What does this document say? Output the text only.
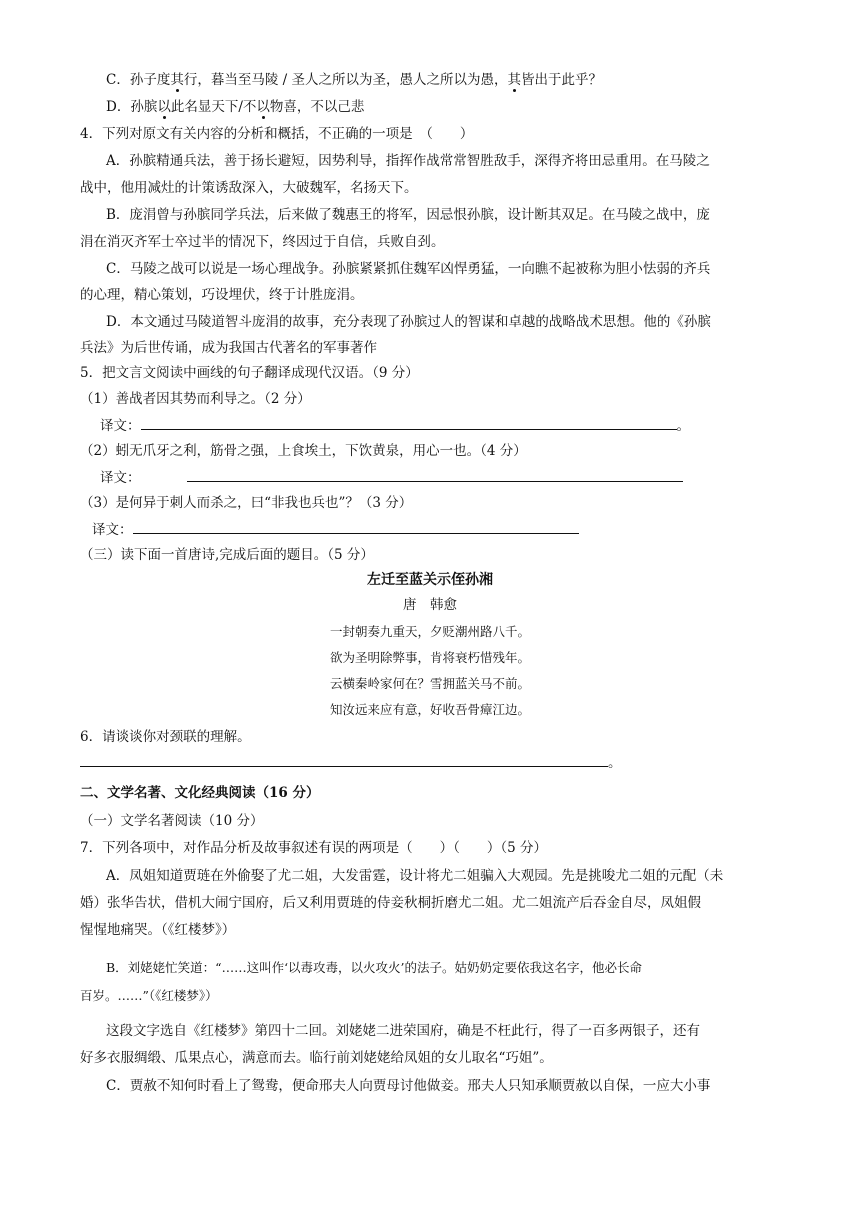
C．孙子度其行，暮当至马陵 / 圣人之所以为圣，愚人之所以为愚，其皆出于此乎？
D．孙膑以此名显天下/不以物喜，不以己悲
4．下列对原文有关内容的分析和概括，不正确的一项是　（　　）
A．孙膑精通兵法，善于扬长避短，因势利导，指挥作战常常智胜敌手，深得齐将田忌重用。在马陵之
战中，他用减灶的计策诱敌深入，大破魏军，名扬天下。
B．庞涓曾与孙膑同学兵法，后来做了魏惠王的将军，因忌恨孙膑，设计断其双足。在马陵之战中，庞
涓在消灭齐军士卒过半的情况下，终因过于自信，兵败自刭。
C．马陵之战可以说是一场心理战争。孙膑紧紧抓住魏军凶悍勇猛，一向瞧不起被称为胆小怯弱的齐兵
的心理，精心策划，巧设埋伏，终于计胜庞涓。
D．本文通过马陵道智斗庞涓的故事，充分表现了孙膑过人的智谋和卓越的战略战术思想。他的《孙膑
兵法》为后世传诵，成为我国古代著名的军事著作
5．把文言文阅读中画线的句子翻译成现代汉语。（9 分）
（1）善战者因其势而利导之。（2 分）
译文：	。
（2）蚓无爪牙之利，筋骨之强，上食埃土，下饮黄泉，用心一也。（4 分）
译文：
（3）是何异于刺人而杀之，曰“非我也兵也”？（3 分）
译文：
（三）读下面一首唐诗,完成后面的题目。（5 分）
左迁至蓝关示侄孙湘
唐　韩愈
一封朝奏九重天，夕贬潮州路八千。
欲为圣明除弊事，肯将衰朽惜残年。
云横秦岭家何在？雪拥蓝关马不前。
知汝远来应有意，好收吾骨瘴江边。
6．请谈谈你对颈联的理解。
。
二、文学名著、文化经典阅读（16 分）
（一）文学名著阅读（10 分）
7．下列各项中，对作品分析及故事叙述有误的两项是（　　）（　　）（5 分）
A．凤姐知道贾琏在外偷娶了尤二姐，大发雷霆，设计将尤二姐骗入大观园。先是挑唆尤二姐的元配（未
婚）张华告状，借机大闹宁国府，后又利用贾琏的侍妾秋桐折磨尤二姐。尤二姐流产后吞金自尽，凤姐假
惺惺地痛哭。（《红楼梦》）
B．刘姥姥忙笑道：“……这叫作‘以毒攻毒，以火攻火’的法子。姑奶奶定要依我这名字，他必长命
百岁。……”（《红楼梦》）
这段文字选自《红楼梦》第四十二回。刘姥姥二进荣国府，确是不枉此行，得了一百多两银子，还有
好多衣服绸缎、瓜果点心，满意而去。临行前刘姥姥给凤姐的女儿取名“巧姐”。
C．贾赦不知何时看上了鸳鸯，便命邢夫人向贾母讨他做妾。邢夫人只知承顺贾赦以自保，一应大小事
